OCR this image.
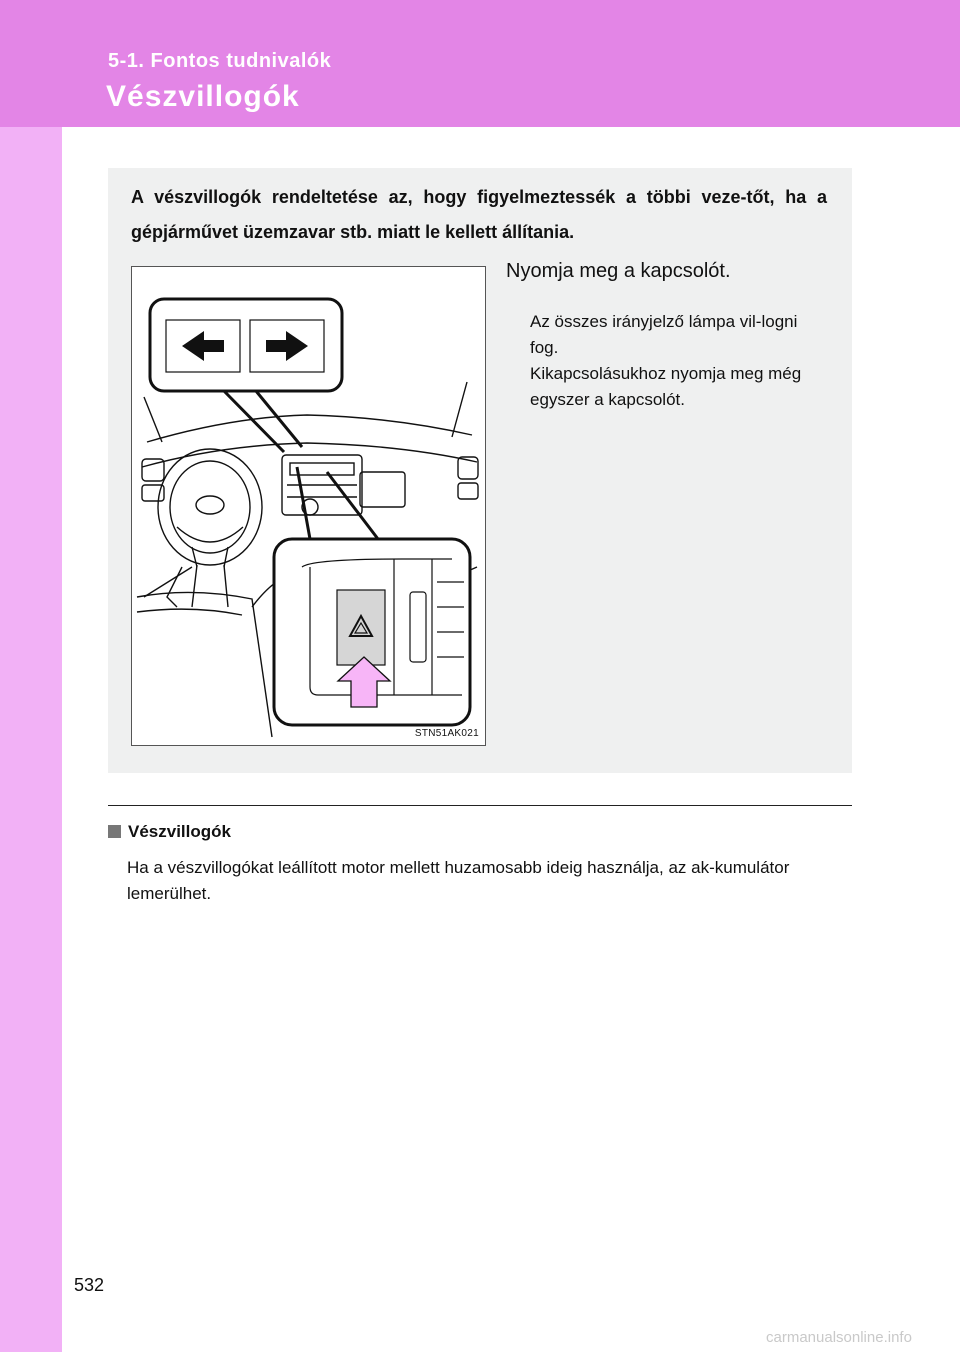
5-1. Fontos tudnivalók
Vészvillogók
A vészvillogók rendeltetése az, hogy figyelmeztessék a többi veze-tőt, ha a gépjárművet üzemzavar stb. miatt le kellett állítania.
STN51AK021
Nyomja meg a kapcsolót.
Az összes irányjelző lámpa vil-logni fog.
Kikapcsolásukhoz nyomja meg még egyszer a kapcsolót.
Vészvillogók
Ha a vészvillogókat leállított motor mellett huzamosabb ideig használja, az ak-kumulátor lemerülhet.
532
carmanualsonline.info
